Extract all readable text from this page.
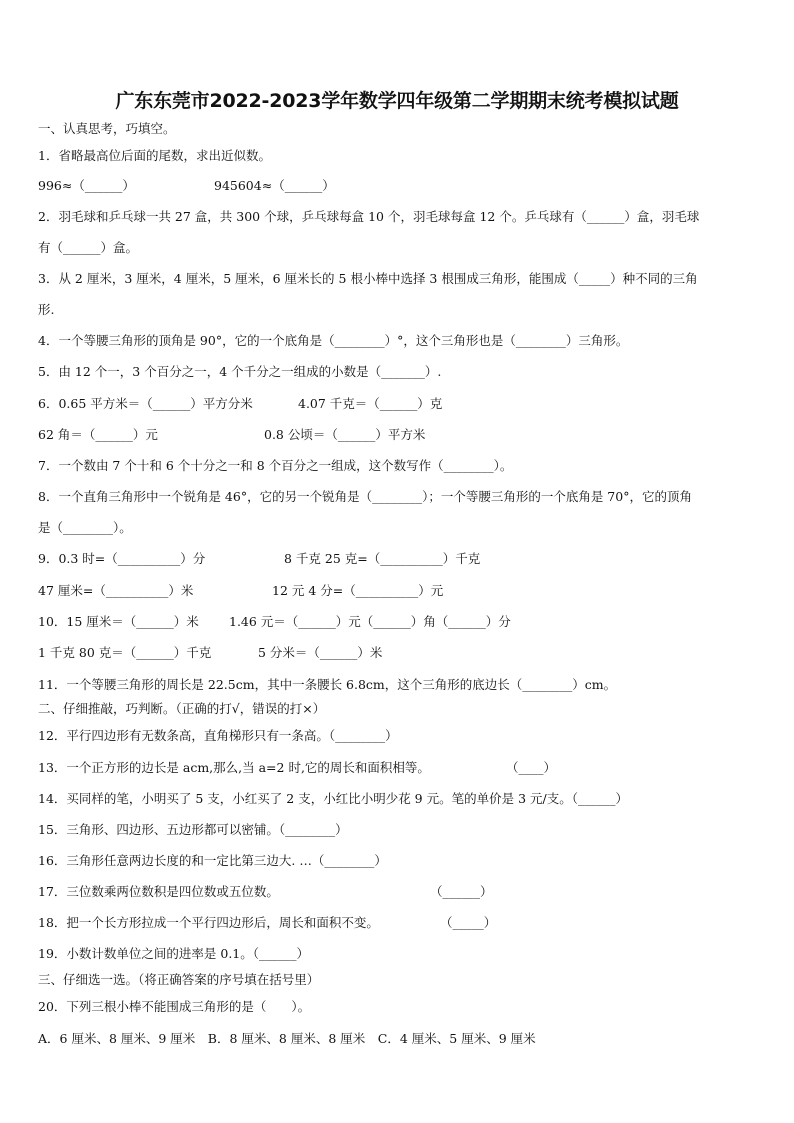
广东东莞市2022-2023学年数学四年级第二学期期末统考模拟试题
一、认真思考，巧填空。
1．省略最高位后面的尾数，求出近似数。
996≈（______）	945604≈（______）
2．羽毛球和乒乓球一共 27 盒，共 300 个球，乒乓球每盒 10 个，羽毛球每盒 12 个。乒乓球有（______）盒，羽毛球
有（______）盒。
3．从 2 厘米，3 厘米，4 厘米，5 厘米，6 厘米长的 5 根小棒中选择 3 根围成三角形，能围成（_____）种不同的三角
形.
4．一个等腰三角形的顶角是 90°，它的一个底角是（________）°，这个三角形也是（________）三角形。
5．由 12 个一，3 个百分之一，4 个千分之一组成的小数是（_______）.
6．0.65 平方米＝（______）平方分米	4.07 千克＝（______）克
62 角＝（______）元	0.8 公顷＝（______）平方米
7．一个数由 7 个十和 6 个十分之一和 8 个百分之一组成，这个数写作（________）。
8．一个直角三角形中一个锐角是 46°，它的另一个锐角是（________）；一个等腰三角形的一个底角是 70°，它的顶角
是（________）。
9．0.3 时=（__________）分	8 千克 25 克=（__________）千克
47 厘米=（__________）米	12 元 4 分=（__________）元
10．15 厘米＝（______）米 1.46 元＝（______）元（______）角（______）分
1 千克 80 克＝（______）千克	5 分米＝（______）米
11．一个等腰三角形的周长是 22.5cm，其中一条腰长 6.8cm，这个三角形的底边长（________）cm。
二、仔细推敲，巧判断。（正确的打√，错误的打×）
12．平行四边形有无数条高，直角梯形只有一条高。（________）
13．一个正方形的边长是 acm,那么,当 a=2 时,它的周长和面积相等。	（____）
14．买同样的笔，小明买了 5 支，小红买了 2 支，小红比小明少花 9 元。笔的单价是 3 元/支。（______）
15．三角形、四边形、五边形都可以密铺。（________）
16．三角形任意两边长度的和一定比第三边大. …（________）
17．三位数乘两位数积是四位数或五位数。	（______）
18．把一个长方形拉成一个平行四边形后，周长和面积不变。	（_____）
19．小数计数单位之间的进率是 0.1。（______）
三、仔细选一选。（将正确答案的序号填在括号里）
20．下列三根小棒不能围成三角形的是（　　）。
A．6 厘米、8 厘米、9 厘米　B．8 厘米、8 厘米、8 厘米　C．4 厘米、5 厘米、9 厘米
